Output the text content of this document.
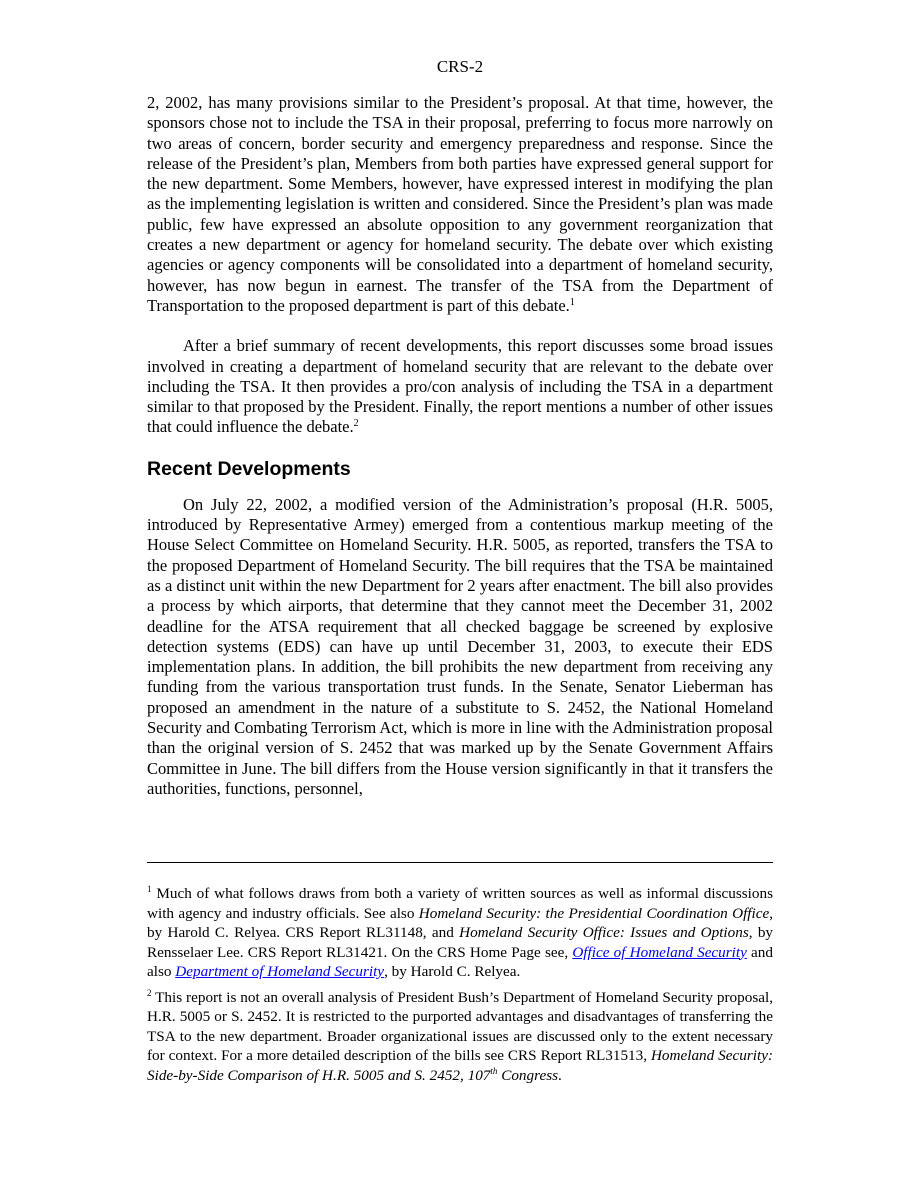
CRS-2

2, 2002, has many provisions similar to the President’s proposal. At that time, however, the sponsors chose not to include the TSA in their proposal, preferring to focus more narrowly on two areas of concern, border security and emergency preparedness and response. Since the release of the President’s plan, Members from both parties have expressed general support for the new department. Some Members, however, have expressed interest in modifying the plan as the implementing legislation is written and considered. Since the President’s plan was made public, few have expressed an absolute opposition to any government reorganization that creates a new department or agency for homeland security. The debate over which existing agencies or agency components will be consolidated into a department of homeland security, however, has now begun in earnest. The transfer of the TSA from the Department of Transportation to the proposed department is part of this debate.$^1$

After a brief summary of recent developments, this report discusses some broad issues involved in creating a department of homeland security that are relevant to the debate over including the TSA. It then provides a pro/con analysis of including the TSA in a department similar to that proposed by the President. Finally, the report mentions a number of other issues that could influence the debate.$^2$

Recent Developments

On July 22, 2002, a modified version of the Administration’s proposal (H.R. 5005, introduced by Representative Armey) emerged from a contentious markup meeting of the House Select Committee on Homeland Security. H.R. 5005, as reported, transfers the TSA to the proposed Department of Homeland Security. The bill requires that the TSA be maintained as a distinct unit within the new Department for 2 years after enactment. The bill also provides a process by which airports, that determine that they cannot meet the December 31, 2002 deadline for the ATSA requirement that all checked baggage be screened by explosive detection systems (EDS) can have up until December 31, 2003, to execute their EDS implementation plans. In addition, the bill prohibits the new department from receiving any funding from the various transportation trust funds. In the Senate, Senator Lieberman has proposed an amendment in the nature of a substitute to S. 2452, the National Homeland Security and Combating Terrorism Act, which is more in line with the Administration proposal than the original version of S. 2452 that was marked up by the Senate Government Affairs Committee in June. The bill differs from the House version significantly in that it transfers the authorities, functions, personnel,

$^1$ Much of what follows draws from both a variety of written sources as well as informal discussions with agency and industry officials. See also Homeland Security: the Presidential Coordination Office, by Harold C. Relyea. CRS Report RL31148, and Homeland Security Office: Issues and Options, by Rensselaer Lee. CRS Report RL31421. On the CRS Home Page see, Office of Homeland Security and also Department of Homeland Security, by Harold C. Relyea.

$^2$ This report is not an overall analysis of President Bush’s Department of Homeland Security proposal, H.R. 5005 or S. 2452. It is restricted to the purported advantages and disadvantages of transferring the TSA to the new department. Broader organizational issues are discussed only to the extent necessary for context. For a more detailed description of the bills see CRS Report RL31513, Homeland Security: Side-by-Side Comparison of H.R. 5005 and S. 2452, 107th Congress.
